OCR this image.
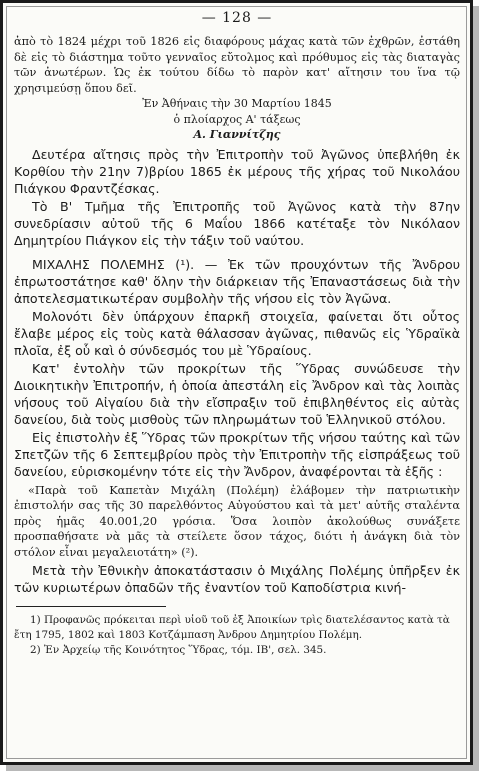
— 128 —

ἀπὸ τὸ 1824 μέχρι τοῦ 1826 εἰς διαφόρους μάχας κατὰ τῶν ἐχθρῶν, ἐστάθη δὲ εἰς τὸ διάστημα τοῦτο γενναῖος εὔτολμος καὶ πρόθυμος εἰς τὰς διαταγὰς τῶν ἀνωτέρων. Ὡς ἐκ τούτου δίδω τὸ παρὸν κατ' αἴτησιν του ἵνα τῷ χρησιμεύσῃ ὅπου δεῖ.

Ἐν Ἀθήναις τὴν 30 Μαρτίου 1845
ὁ πλοίαρχος Α' τάξεως
Α. Γιαννίτζης

Δευτέρα αἴτησις πρὸς τὴν Ἐπιτροπὴν τοῦ Ἀγῶνος ὑπεβλήθη ἐκ Κορθίου τὴν 21ην 7)βρίου 1865 ἐκ μέρους τῆς χήρας τοῦ Νικολάου Πιάγκου Φραντζέσκας.

Τὸ Β' Τμῆμα τῆς Ἐπιτροπῆς τοῦ Ἀγῶνος κατὰ τὴν 87ην συνεδρίασιν αὐτοῦ τῆς 6 Μαΐου 1866 κατέταξε τὸν Νικόλαον Δημητρίου Πιάγκον εἰς τὴν τάξιν τοῦ ναύτου.

ΜΙΧΑΛΗΣ ΠΟΛΕΜΗΣ (¹). — Ἐκ τῶν προυχόντων τῆς Ἄνδρου ἐπρωτοστάτησε καθ' ὅλην τὴν διάρκειαν τῆς Ἐπαναστάσεως διὰ τὴν ἀποτελεσματικωτέραν συμβολὴν τῆς νήσου εἰς τὸν Ἀγῶνα.

Μολονότι δὲν ὑπάρχουν ἐπαρκῆ στοιχεῖα, φαίνεται ὅτι οὗτος ἔλαβε μέρος εἰς τοὺς κατὰ θάλασσαν ἀγῶνας, πιθανῶς εἰς Ὑδραϊκὰ πλοῖα, ἐξ οὗ καὶ ὁ σύνδεσμός του μὲ Ὑδραίους.

Κατ' ἐντολὴν τῶν προκρίτων τῆς Ὕδρας συνώδευσε τὴν Διοικητικὴν Ἐπιτροπήν, ἡ ὁποία ἀπεστάλη εἰς Ἄνδρον καὶ τὰς λοιπὰς νήσους τοῦ Αἰγαίου διὰ τὴν εἴσπραξιν τοῦ ἐπιβληθέντος εἰς αὐτὰς δανείου, διὰ τοὺς μισθοὺς τῶν πληρωμάτων τοῦ Ἑλληνικοῦ στόλου.

Εἰς ἐπιστολὴν ἐξ Ὕδρας τῶν προκρίτων τῆς νήσου ταύτης καὶ τῶν Σπετζῶν τῆς 6 Σεπτεμβρίου πρὸς τὴν Ἐπιτροπὴν τῆς εἰσπράξεως τοῦ δανείου, εὑρισκομένην τότε εἰς τὴν Ἄνδρον, ἀναφέρονται τὰ ἑξῆς :

«Παρὰ τοῦ Καπετὰν Μιχάλη (Πολέμη) ἐλάβομεν τὴν πατριωτικὴν ἐπιστολήν σας τῆς 30 παρελθόντος Αὐγούστου καὶ τὰ μετ' αὐτῆς σταλέντα πρὸς ἡμᾶς 40.001,20 γρόσια. Ὅσα λοιπὸν ἀκολούθως συνάξετε προσπαθήσατε νὰ μᾶς τὰ στείλετε ὅσον τάχος, διότι ἡ ἀνάγκη διὰ τὸν στόλον εἶναι μεγαλειοτάτη» (²).

Μετὰ τὴν Ἐθνικὴν ἀποκατάστασιν ὁ Μιχάλης Πολέμης ὑπῆρξεν ἐκ τῶν κυριωτέρων ὀπαδῶν τῆς ἐναντίον τοῦ Καποδίστρια κινή-

1) Προφανῶς πρόκειται περὶ υἱοῦ τοῦ ἐξ Ἀποικίων τρὶς διατελέσαντος κατὰ τὰ ἔτη 1795, 1802 καὶ 1803 Κοτζάμπαση Ἀνδρου Δημητρίου Πολέμη.

2) Ἐν Ἀρχείῳ τῆς Κοινότητος Ὕδρας, τόμ. ΙΒ', σελ. 345.
